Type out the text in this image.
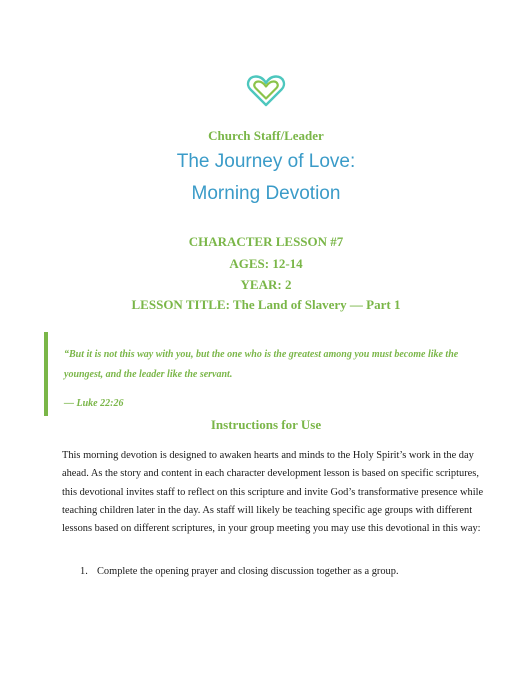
Church Staff/Leader

The Journey of Love:
Morning Devotion

CHARACTER LESSON #7

AGES: 12-14

YEAR: 2

LESSON TITLE: The Land of Slavery — Part 1

“But it is not this way with you, but the one who is the greatest among you must become like the youngest, and the leader like the servant.

— Luke 22:26

Instructions for Use

This morning devotion is designed to awaken hearts and minds to the Holy Spirit’s work in the day ahead. As the story and content in each character development lesson is based on specific scriptures, this devotional invites staff to reflect on this scripture and invite God’s transformative presence while teaching children later in the day. As staff will likely be teaching specific age groups with different lessons based on different scriptures, in your group meeting you may use this devotional in this way:

1. Complete the opening prayer and closing discussion together as a group.
